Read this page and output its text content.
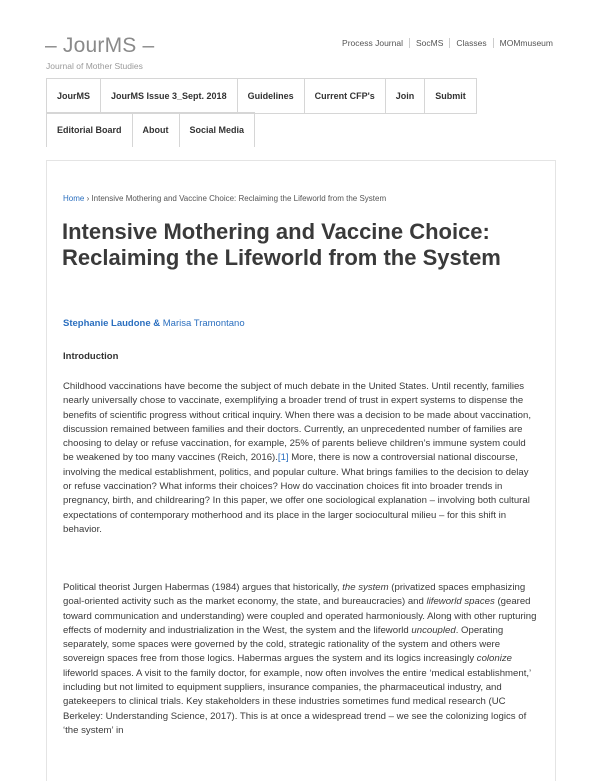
– JourMS –
Journal of Mother Studies
Process Journal	SocMS	Classes	MOMmuseum
JourMS	JourMS Issue 3_Sept. 2018	Guidelines	Current CFP's	Join	Submit
Editorial Board	About	Social Media
Home › Intensive Mothering and Vaccine Choice: Reclaiming the Lifeworld from the System
Intensive Mothering and Vaccine Choice: Reclaiming the Lifeworld from the System
Stephanie Laudone & Marisa Tramontano
Introduction

Childhood vaccinations have become the subject of much debate in the United States. Until recently, families nearly universally chose to vaccinate, exemplifying a broader trend of trust in expert systems to dispense the benefits of scientific progress without critical inquiry. When there was a decision to be made about vaccination, discussion remained between families and their doctors. Currently, an unprecedented number of families are choosing to delay or refuse vaccination, for example, 25% of parents believe children’s immune system could be weakened by too many vaccines (Reich, 2016).[1] More, there is now a controversial national discourse, involving the medical establishment, politics, and popular culture. What brings families to the decision to delay or refuse vaccination? What informs their choices? How do vaccination choices fit into broader trends in pregnancy, birth, and childrearing? In this paper, we offer one sociological explanation – involving both cultural expectations of contemporary motherhood and its place in the larger sociocultural milieu – for this shift in behavior.

Political theorist Jurgen Habermas (1984) argues that historically, the system (privatized spaces emphasizing goal-oriented activity such as the market economy, the state, and bureaucracies) and lifeworld spaces (geared toward communication and understanding) were coupled and operated harmoniously. Along with other rupturing effects of modernity and industrialization in the West, the system and the lifeworld uncoupled. Operating separately, some spaces were governed by the cold, strategic rationality of the system and others were sovereign spaces free from those logics. Habermas argues the system and its logics increasingly colonize lifeworld spaces. A visit to the family doctor, for example, now often involves the entire ‘medical establishment,’ including but not limited to equipment suppliers, insurance companies, the pharmaceutical industry, and gatekeepers to clinical trials. Key stakeholders in these industries sometimes fund medical research (UC Berkeley: Understanding Science, 2017). This is at once a widespread trend – we see the colonizing logics of ‘the system’ in
